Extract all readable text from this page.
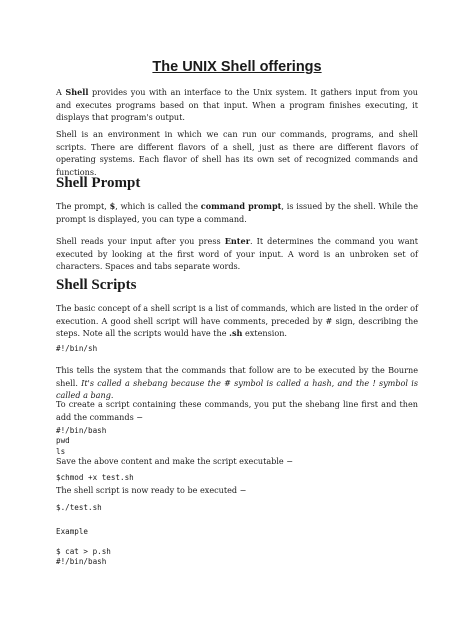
The UNIX Shell offerings

A Shell provides you with an interface to the Unix system. It gathers input from you and executes programs based on that input. When a program finishes executing, it displays that program's output.

Shell is an environment in which we can run our commands, programs, and shell scripts. There are different flavors of a shell, just as there are different flavors of operating systems. Each flavor of shell has its own set of recognized commands and functions.

Shell Prompt

The prompt, $, which is called the command prompt, is issued by the shell. While the prompt is displayed, you can type a command.

Shell reads your input after you press Enter. It determines the command you want executed by looking at the first word of your input. A word is an unbroken set of characters. Spaces and tabs separate words.

Shell Scripts

The basic concept of a shell script is a list of commands, which are listed in the order of execution. A good shell script will have comments, preceded by # sign, describing the steps. Note all the scripts would have the .sh extension.

#!/bin/sh

This tells the system that the commands that follow are to be executed by the Bourne shell. It's called a shebang because the # symbol is called a hash, and the ! symbol is called a bang.

To create a script containing these commands, you put the shebang line first and then add the commands −

#!/bin/bash
pwd
ls

Save the above content and make the script executable −

$chmod +x test.sh

The shell script is now ready to be executed −

$./test.sh
Example
$ cat > p.sh
#!/bin/bash
